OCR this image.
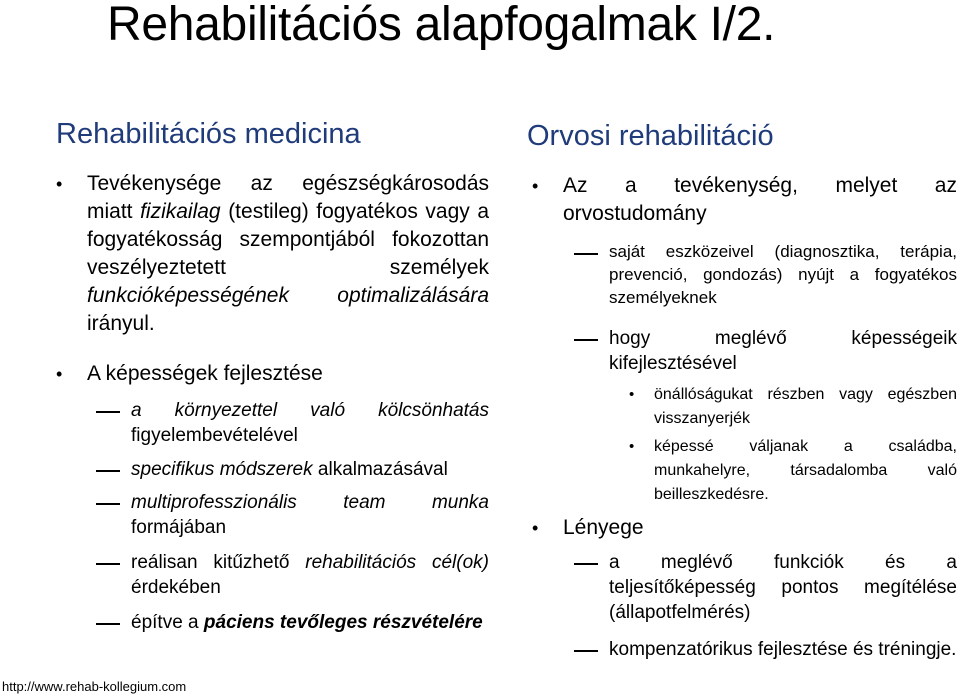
Rehabilitációs alapfogalmak I/2.
Rehabilitációs medicina
• Tevékenysége az egészségkárosodás miatt fizikailag (testileg) fogyatékos vagy a fogyatékosság szempontjából fokozottan veszélyeztetett személyek funkcióképességének optimalizálására irányul.
• A képességek fejlesztése
a környezettel való kölcsönhatás figyelembevételével
specifikus módszerek alkalmazásával
multiprofesszionális team munka formájában
reálisan kitűzhető rehabilitációs cél(ok) érdekében
építve a páciens tevőleges részvételére
Orvosi rehabilitáció
• Az a tevékenység, melyet az orvostudomány
saját eszközeivel (diagnosztika, terápia, prevenció, gondozás) nyújt a fogyatékos személyeknek
hogy meglévő képességeik kifejlesztésével
• önállóságukat részben vagy egészben visszanyerjék
• képessé váljanak a családba, munkahelyre, társadalomba való beilleszkedésre.
• Lényege
a meglévő funkciók és a teljesítőképesség pontos megítélése (állapotfelmérés)
kompenzatórikus fejlesztése és tréningje.
http://www.rehab-kollegium.com
